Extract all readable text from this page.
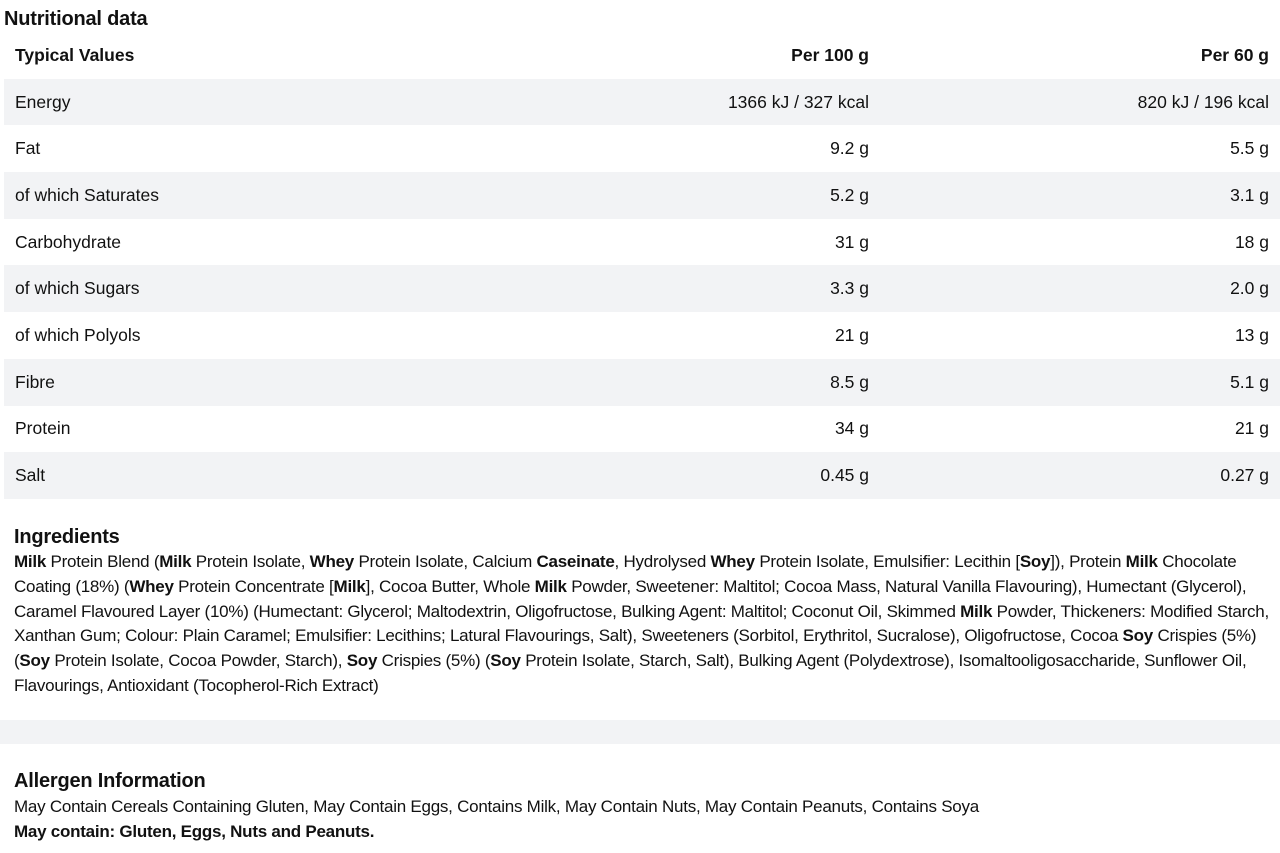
Nutritional data
Typical Values	Per 100 g	Per 60 g
Energy	1366 kJ / 327 kcal	820 kJ / 196 kcal
Fat	9.2 g	5.5 g
of which Saturates	5.2 g	3.1 g
Carbohydrate	31 g	18 g
of which Sugars	3.3 g	2.0 g
of which Polyols	21 g	13 g
Fibre	8.5 g	5.1 g
Protein	34 g	21 g
Salt	0.45 g	0.27 g
Ingredients
Milk Protein Blend (Milk Protein Isolate, Whey Protein Isolate, Calcium Caseinate, Hydrolysed Whey Protein Isolate, Emulsifier: Lecithin [Soy]), Protein Milk Chocolate Coating (18%) (Whey Protein Concentrate [Milk], Cocoa Butter, Whole Milk Powder, Sweetener: Maltitol; Cocoa Mass, Natural Vanilla Flavouring), Humectant (Glycerol), Caramel Flavoured Layer (10%) (Humectant: Glycerol; Maltodextrin, Oligofructose, Bulking Agent: Maltitol; Coconut Oil, Skimmed Milk Powder, Thickeners: Modified Starch, Xanthan Gum; Colour: Plain Caramel; Emulsifier: Lecithins; Latural Flavourings, Salt), Sweeteners (Sorbitol, Erythritol, Sucralose), Oligofructose, Cocoa Soy Crispies (5%) (Soy Protein Isolate, Cocoa Powder, Starch), Soy Crispies (5%) (Soy Protein Isolate, Starch, Salt), Bulking Agent (Polydextrose), Isomaltooligosaccharide, Sunflower Oil, Flavourings, Antioxidant (Tocopherol-Rich Extract)
Allergen Information
May Contain Cereals Containing Gluten, May Contain Eggs, Contains Milk, May Contain Nuts, May Contain Peanuts, Contains Soya
May contain: Gluten, Eggs, Nuts and Peanuts.
